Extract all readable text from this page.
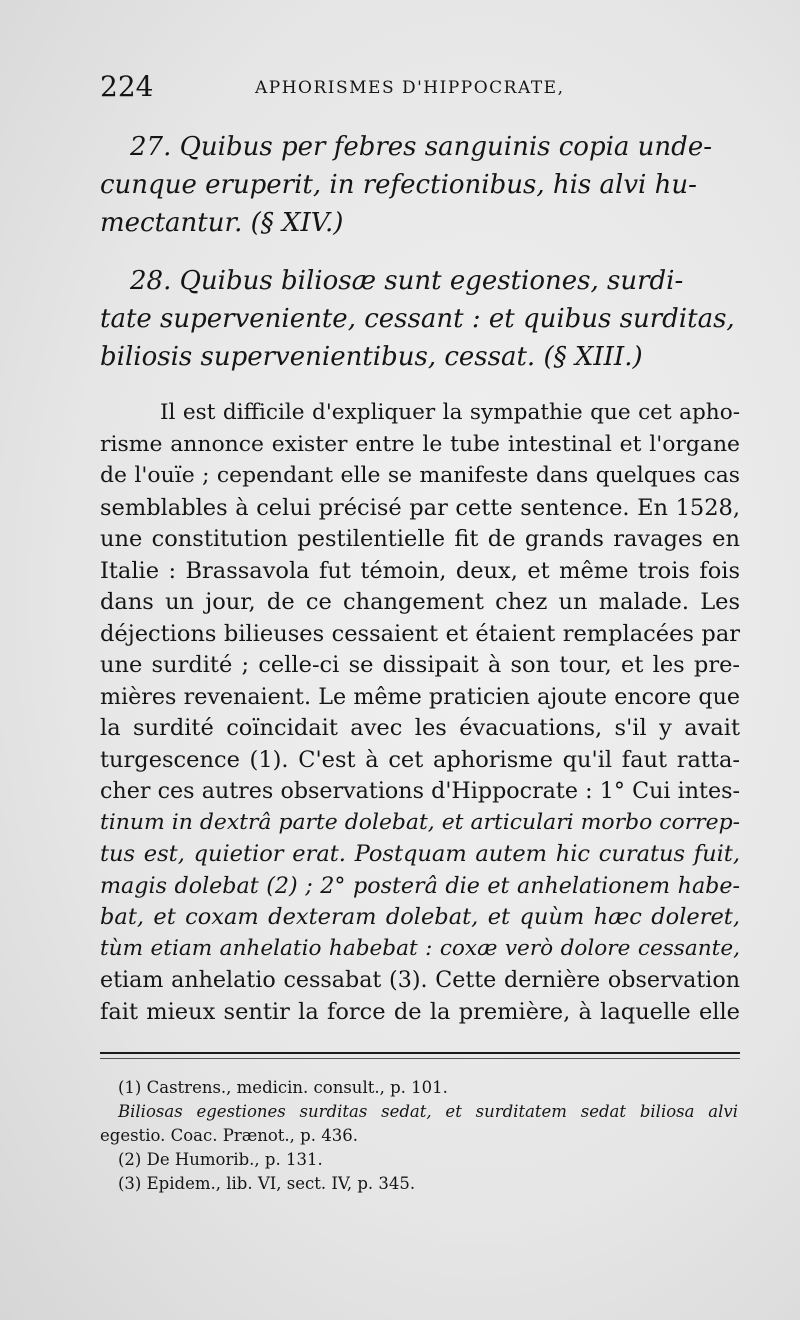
224	APHORISMES D'HIPPOCRATE,
27. Quibus per febres sanguinis copia unde-
cunque eruperit, in refectionibus, his alvi hu-
mectantur. (§ XIV.)
28. Quibus biliosæ sunt egestiones, surdi-
tate superveniente, cessant : et quibus surditas,
biliosis supervenientibus, cessat. (§ XIII.)
Il est difficile d'expliquer la sympathie que cet apho-
risme annonce exister entre le tube intestinal et l'organe
de l'ouïe ; cependant elle se manifeste dans quelques cas
semblables à celui précisé par cette sentence. En 1528,
une constitution pestilentielle fit de grands ravages en
Italie : Brassavola fut témoin, deux, et même trois fois
dans un jour, de ce changement chez un malade. Les
déjections bilieuses cessaient et étaient remplacées par
une surdité ; celle-ci se dissipait à son tour, et les pre-
mières revenaient. Le même praticien ajoute encore que
la surdité coïncidait avec les évacuations, s'il y avait
turgescence (1). C'est à cet aphorisme qu'il faut ratta-
cher ces autres observations d'Hippocrate : 1° Cui intes-
tinum in dextrâ parte dolebat, et articulari morbo correp-
tus est, quietior erat. Postquam autem hic curatus fuit,
magis dolebat (2) ; 2° posterâ die et anhelationem habe-
bat, et coxam dexteram dolebat, et quùm hæc doleret,
tùm etiam anhelatio habebat : coxæ verò dolore cessante,
etiam anhelatio cessabat (3). Cette dernière observation
fait mieux sentir la force de la première, à laquelle elle
(1) Castrens., medicin. consult., p. 101.
Biliosas egestiones surditas sedat, et surditatem sedat biliosa alvi
egestio. Coac. Prænot., p. 436.
(2) De Humorib., p. 131.
(3) Epidem., lib. VI, sect. IV, p. 345.
